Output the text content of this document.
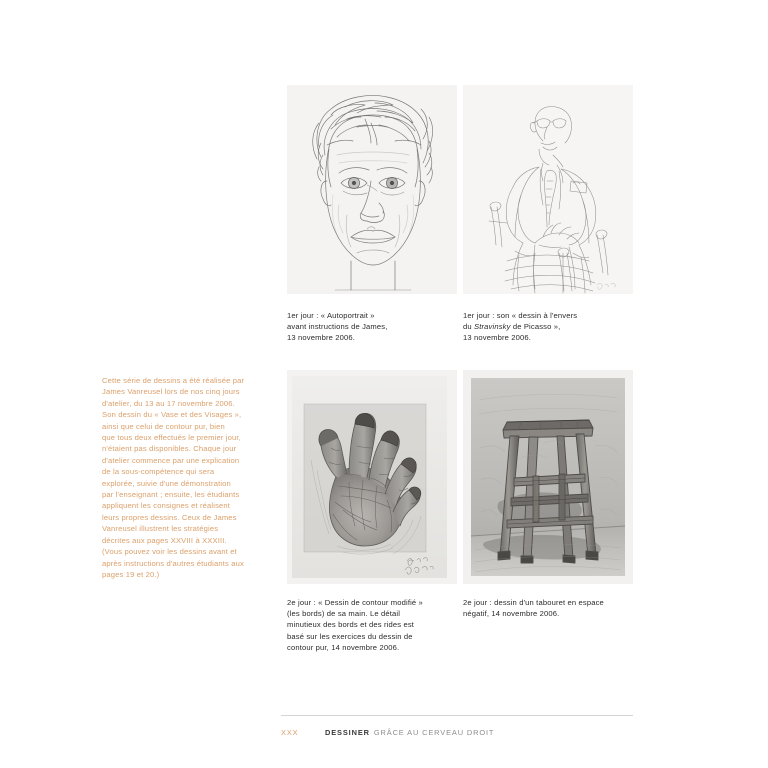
1er jour : « Autoportrait »
avant instructions de James,
13 novembre 2006.
1er jour : son « dessin à l'envers
du Stravinsky de Picasso »,
13 novembre 2006.
2e jour : « Dessin de contour modifié »
(les bords) de sa main. Le détail
minutieux des bords et des rides est
basé sur les exercices du dessin de
contour pur, 14 novembre 2006.
2e jour : dessin d'un tabouret en espace
négatif, 14 novembre 2006.
Cette série de dessins a été réalisée par
James Vanreusel lors de nos cinq jours
d'atelier, du 13 au 17 novembre 2006.
Son dessin du « Vase et des Visages »,
ainsi que celui de contour pur, bien
que tous deux effectués le premier jour,
n'étaient pas disponibles. Chaque jour
d'atelier commence par une explication
de la sous-compétence qui sera
explorée, suivie d'une démonstration
par l'enseignant ; ensuite, les étudiants
appliquent les consignes et réalisent
leurs propres dessins. Ceux de James
Vanreusel illustrent les stratégies
décrites aux pages XXVIII à XXXIII.
(Vous pouvez voir les dessins avant et
après instructions d'autres étudiants aux
pages 19 et 20.)
XXX	DESSINER GRÂCE AU CERVEAU DROIT
